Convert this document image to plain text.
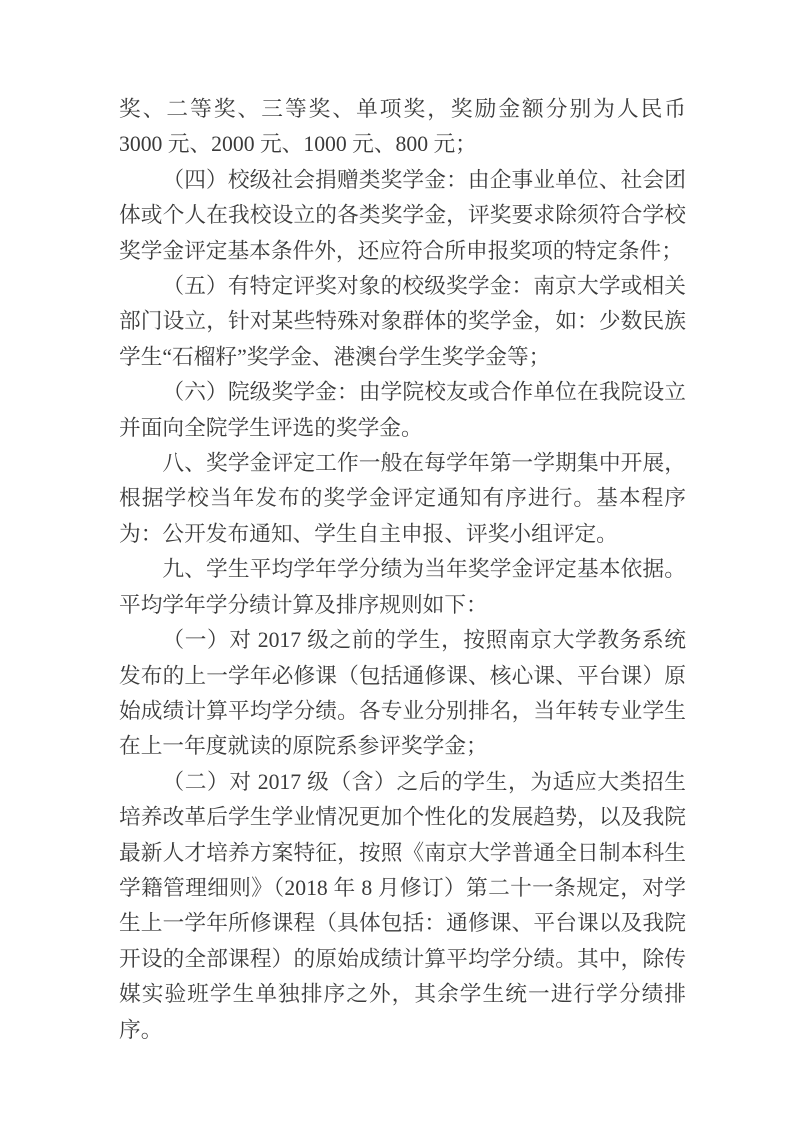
奖、二等奖、三等奖、单项奖，奖励金额分别为人民币 3000 元、2000 元、1000 元、800 元；

（四）校级社会捐赠类奖学金：由企事业单位、社会团体或个人在我校设立的各类奖学金，评奖要求除须符合学校奖学金评定基本条件外，还应符合所申报奖项的特定条件；

（五）有特定评奖对象的校级奖学金：南京大学或相关部门设立，针对某些特殊对象群体的奖学金，如：少数民族学生“石榴籽”奖学金、港澳台学生奖学金等；

（六）院级奖学金：由学院校友或合作单位在我院设立并面向全院学生评选的奖学金。

八、奖学金评定工作一般在每学年第一学期集中开展，根据学校当年发布的奖学金评定通知有序进行。基本程序为：公开发布通知、学生自主申报、评奖小组评定。

九、学生平均学年学分绩为当年奖学金评定基本依据。平均学年学分绩计算及排序规则如下：

（一）对 2017 级之前的学生，按照南京大学教务系统发布的上一学年必修课（包括通修课、核心课、平台课）原始成绩计算平均学分绩。各专业分别排名，当年转专业学生在上一年度就读的原院系参评奖学金；

（二）对 2017 级（含）之后的学生，为适应大类招生培养改革后学生学业情况更加个性化的发展趋势，以及我院最新人才培养方案特征，按照《南京大学普通全日制本科生学籍管理细则》（2018 年 8 月修订）第二十一条规定，对学生上一学年所修课程（具体包括：通修课、平台课以及我院开设的全部课程）的原始成绩计算平均学分绩。其中，除传媒实验班学生单独排序之外，其余学生统一进行学分绩排序。
